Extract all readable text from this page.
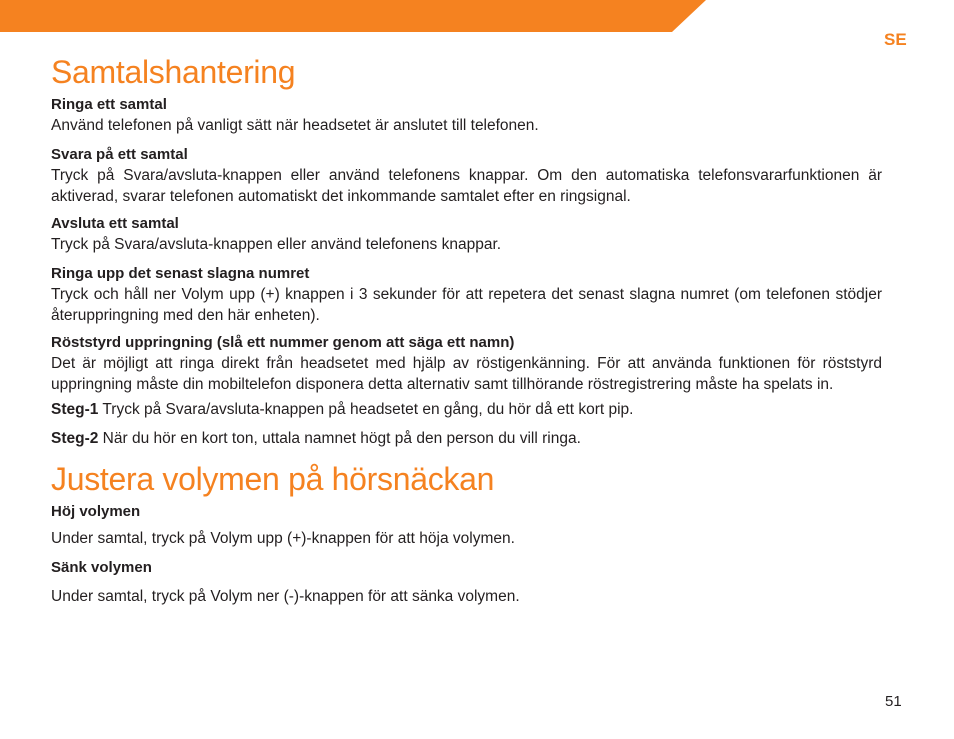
SE
Samtalshantering

Ringa ett samtal

Använd telefonen på vanligt sätt när headsetet är anslutet till telefonen.

Svara på ett samtal

Tryck på Svara/avsluta-knappen eller använd telefonens knappar. Om den automatiska telefonsvararfunktionen är aktiverad, svarar telefonen automatiskt det inkommande samtalet efter en ringsignal.

Avsluta ett samtal

Tryck på Svara/avsluta-knappen eller använd telefonens knappar.

Ringa upp det senast slagna numret

Tryck och håll ner Volym upp (+) knappen i 3 sekunder för att repetera det senast slagna numret (om telefonen stödjer återuppringning med den här enheten).

Röststyrd uppringning (slå ett nummer genom att säga ett namn)

Det är möjligt att ringa direkt från headsetet med hjälp av röstigenkänning. För att använda funktionen för röststyrd uppringning måste din mobiltelefon disponera detta alternativ samt tillhörande röstregistrering måste ha spelats in.

Steg-1 Tryck på Svara/avsluta-knappen på headsetet en gång, du hör då ett kort pip.

Steg-2 När du hör en kort ton, uttala namnet högt på den person du vill ringa.

Justera volymen på hörsnäckan

Höj volymen

Under samtal, tryck på Volym upp (+)-knappen för att höja volymen.

Sänk volymen

Under samtal, tryck på Volym ner (-)-knappen för att sänka volymen.

51
